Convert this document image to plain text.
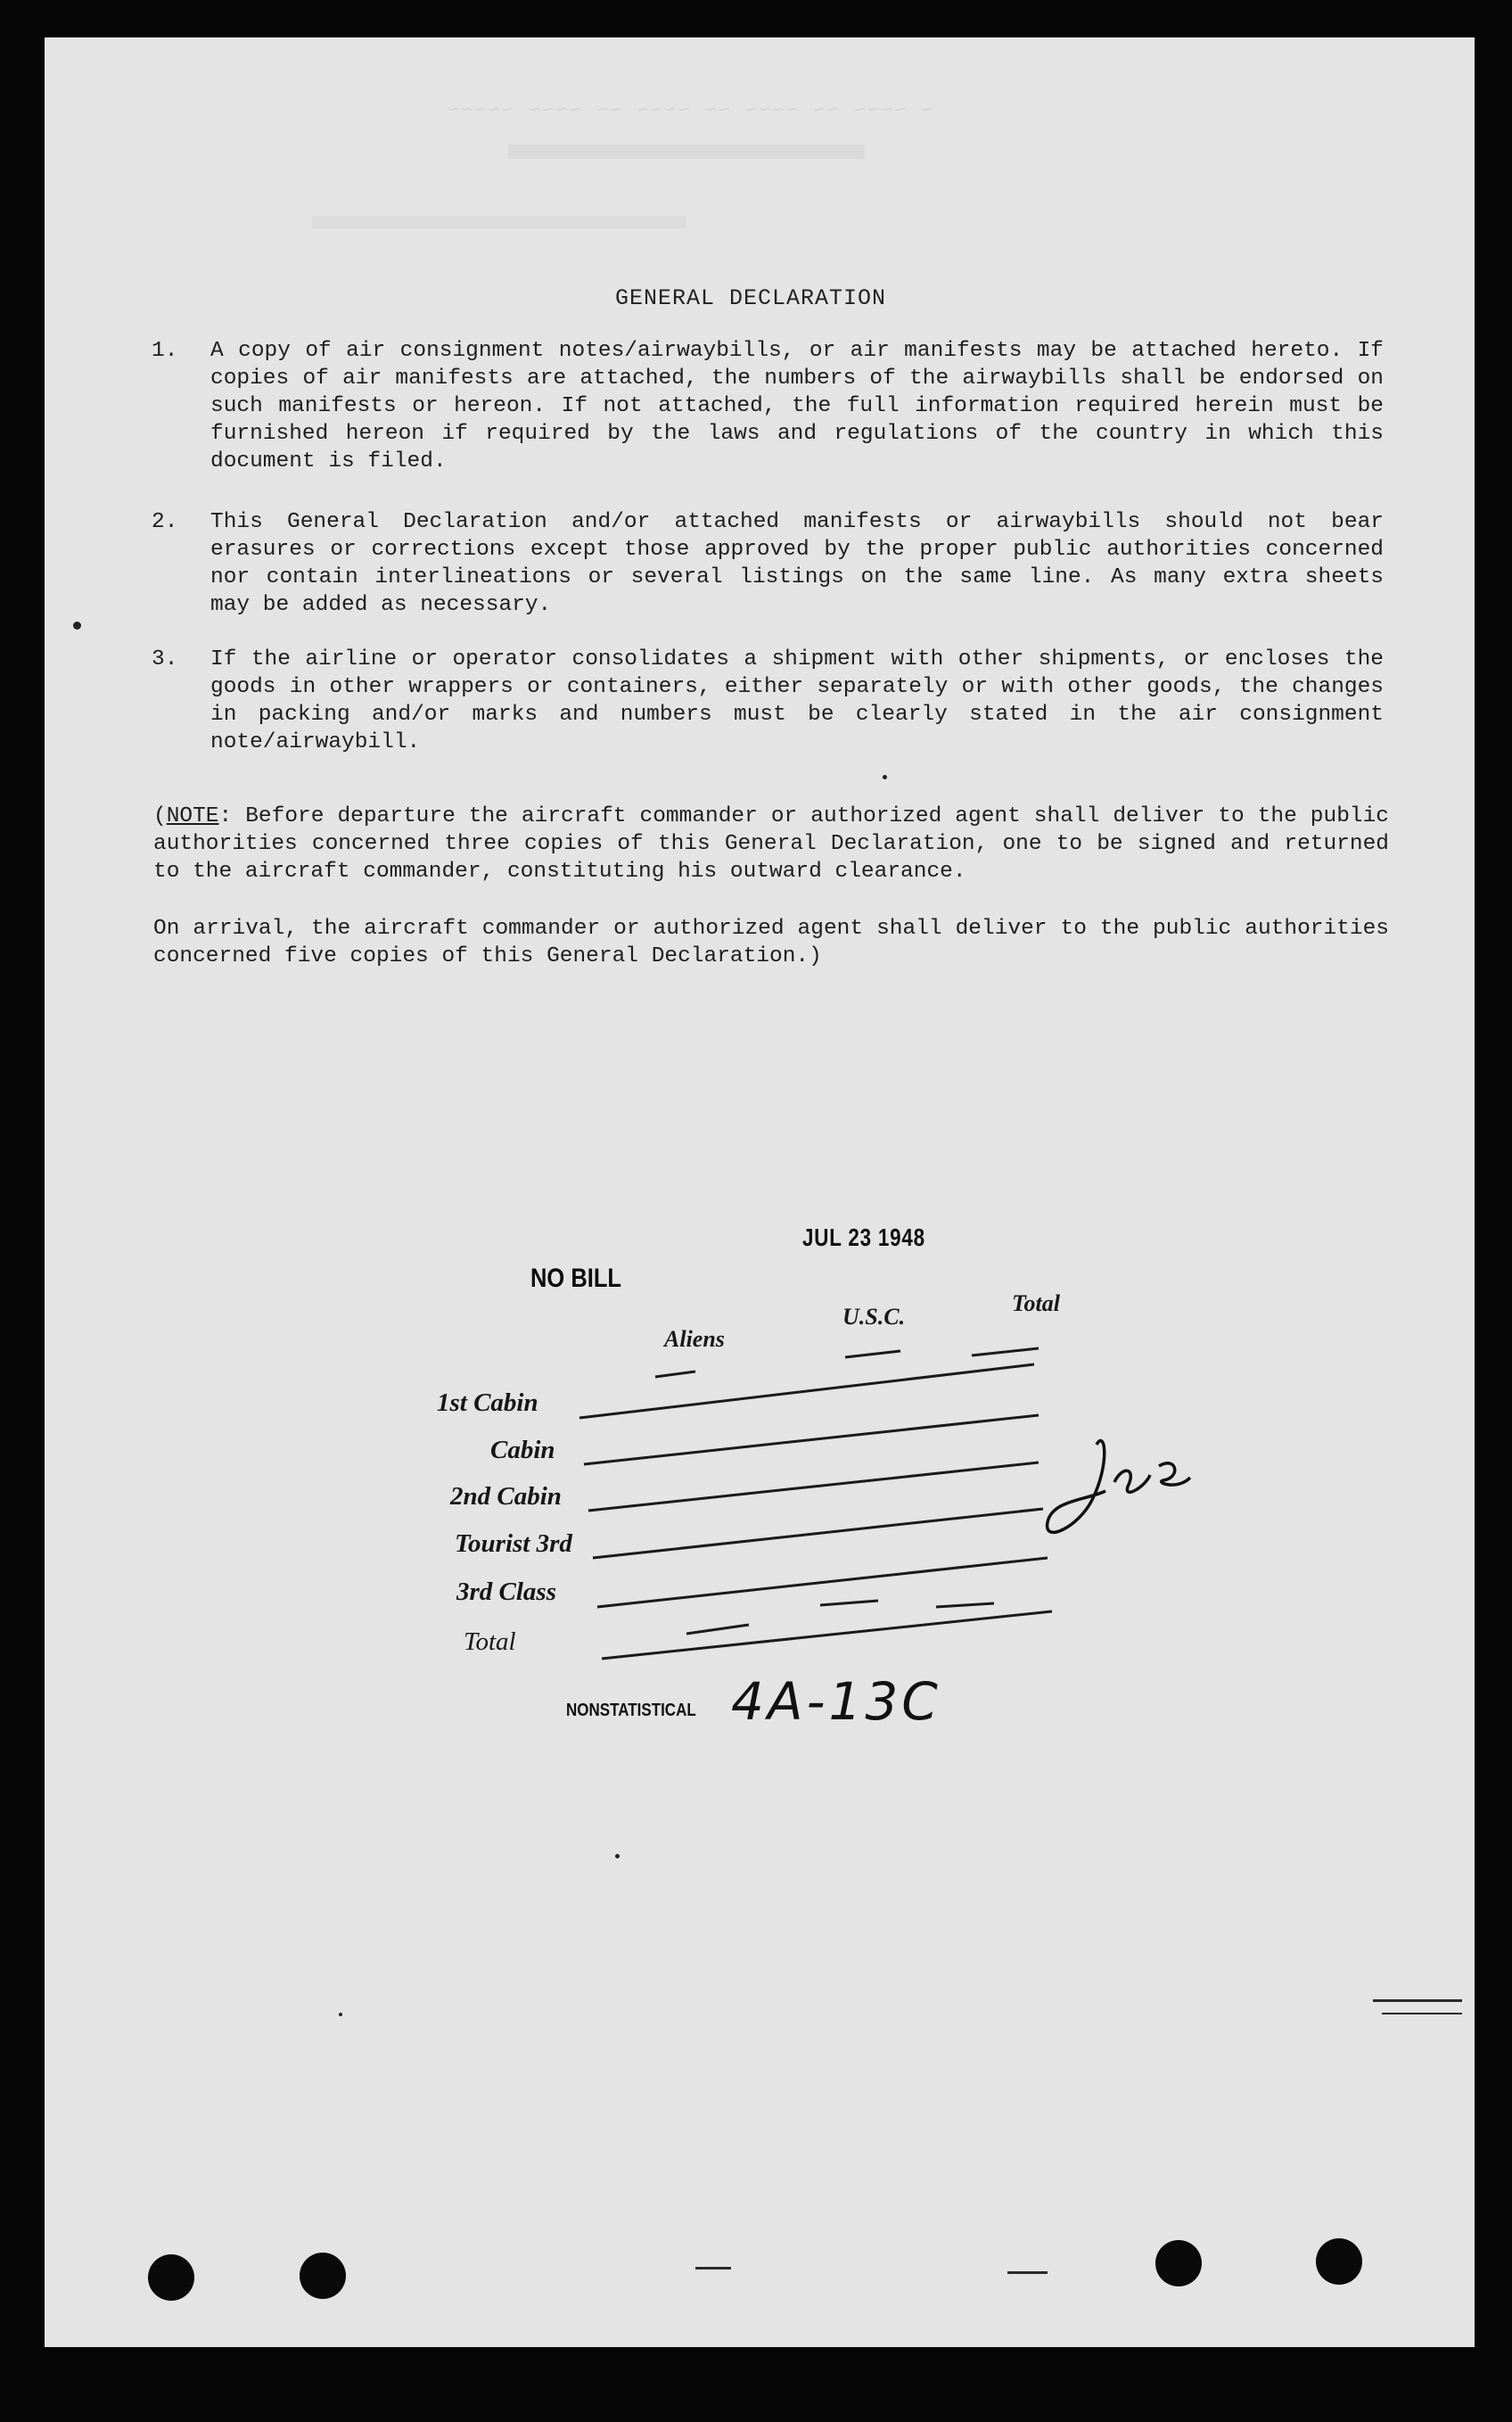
~ ~~~~ ~~ ~~~~ ~~ ~~~~ ~~ ~~~~ ~~~~~
GENERAL DECLARATION
1. A copy of air consignment notes/airwaybills, or air manifests may be attached hereto. If copies of air manifests are attached, the numbers of the airwaybills shall be endorsed on such manifests or hereon. If not attached, the full information required herein must be furnished hereon if required by the laws and regulations of the country in which this document is filed.
2. This General Declaration and/or attached manifests or airwaybills should not bear erasures or corrections except those approved by the proper public authorities concerned nor contain interlineations or several listings on the same line. As many extra sheets may be added as necessary.
3. If the airline or operator consolidates a shipment with other shipments, or encloses the goods in other wrappers or containers, either separately or with other goods, the changes in packing and/or marks and numbers must be clearly stated in the air consignment note/airwaybill.
(NOTE: Before departure the aircraft commander or authorized agent shall deliver to the public authorities concerned three copies of this General Declaration, one to be signed and returned to the aircraft commander, constituting his outward clearance.
On arrival, the aircraft commander or authorized agent shall deliver to the public authorities concerned five copies of this General Declaration.)
JUL 23 1948
NO BILL
Aliens
U.S.C.
Total
1st Cabin
Cabin
2nd Cabin
Tourist 3rd
3rd Class
Total
NONSTATISTICAL 4A-13C
